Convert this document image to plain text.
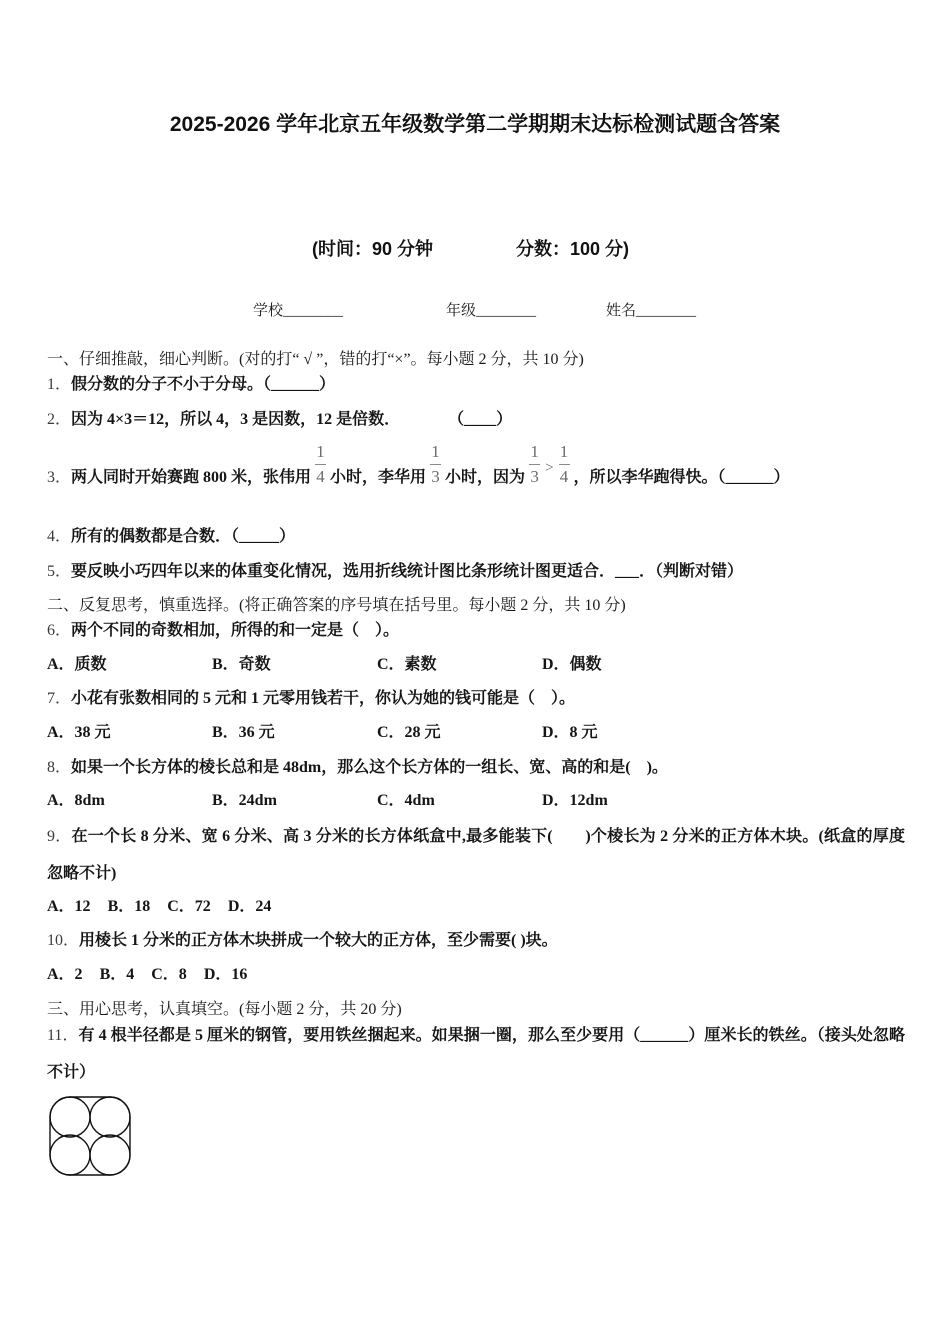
2025-2026 学年北京五年级数学第二学期期末达标检测试题含答案
(时间：90 分钟	分数：100 分)
学校________	年级________	姓名________
一、仔细推敲，细心判断。(对的打“ √ ”，错的打“×”。每小题 2 分，共 10 分)
1．假分数的分子不小于分母。（______）
2．因为 4×3＝12，所以 4，3 是因数，12 是倍数．　　　　（____）
3．两人同时开始赛跑 800 米，张伟用 $\frac{1}{4}$ 小时，李华用 $\frac{1}{3}$ 小时，因为 $\frac{1}{3} > \frac{1}{4}$ ，所以李华跑得快。（______）
4．所有的偶数都是合数．（_____）
5．要反映小巧四年以来的体重变化情况，选用折线统计图比条形统计图更适合．___．（判断对错）
二、反复思考，慎重选择。(将正确答案的序号填在括号里。每小题 2 分，共 10 分)
6．两个不同的奇数相加，所得的和一定是（　）。
A．质数	B．奇数	C．素数	D．偶数
7．小花有张数相同的 5 元和 1 元零用钱若干，你认为她的钱可能是（　）。
A．38 元	B．36 元	C．28 元	D．8 元
8．如果一个长方体的棱长总和是 48dm，那么这个长方体的一组长、宽、高的和是(　)。
A．8dm	B．24dm	C．4dm	D．12dm
9．在一个长 8 分米、宽 6 分米、高 3 分米的长方体纸盒中,最多能装下(　　)个棱长为 2 分米的正方体木块。(纸盒的厚度忽略不计)
A．12 B．18 C．72 D．24
10．用棱长 1 分米的正方体木块拼成一个较大的正方体，至少需要( )块。
A．2 B．4 C．8 D．16
三、用心思考，认真填空。(每小题 2 分，共 20 分)
11．有 4 根半径都是 5 厘米的钢管，要用铁丝捆起来。如果捆一圈，那么至少要用（______）厘米长的铁丝。（接头处忽略不计）
